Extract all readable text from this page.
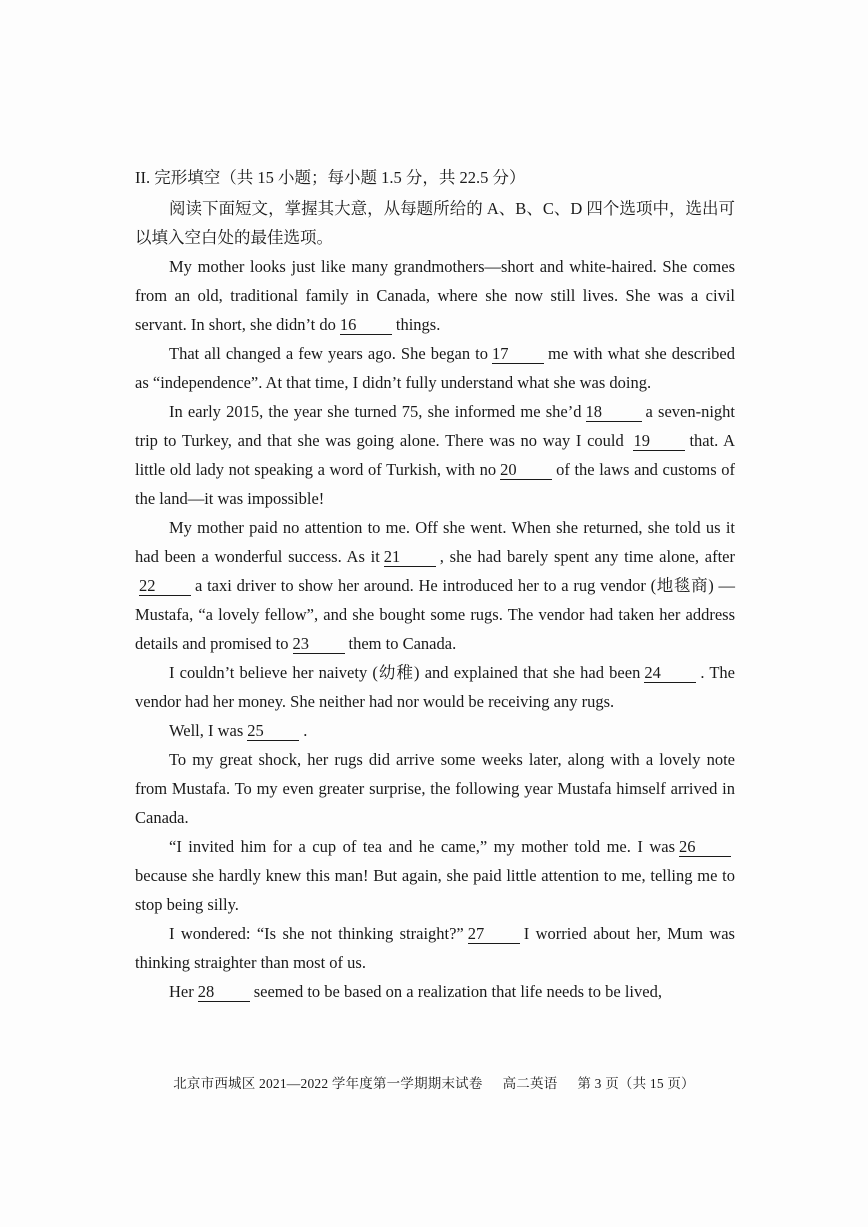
II. 完形填空（共 15 小题；每小题 1.5 分，共 22.5 分）

阅读下面短文，掌握其大意，从每题所给的 A、B、C、D 四个选项中，选出可以填入空白处的最佳选项。

My mother looks just like many grandmothers—short and white-haired. She comes from an old, traditional family in Canada, where she now still lives. She was a civil servant. In short, she didn’t do 16 things.

That all changed a few years ago. She began to 17 me with what she described as “independence”. At that time, I didn’t fully understand what she was doing.

In early 2015, the year she turned 75, she informed me she’d 18	a seven-night trip to Turkey, and that she was going alone. There was no way I could 19 that. A little old lady not speaking a word of Turkish, with no 20 of the laws and customs of the land—it was impossible!

My mother paid no attention to me. Off she went. When she returned, she told us it had been a wonderful success. As it 21 , she had barely spent any time alone, after22 a taxi driver to show her around. He introduced her to a rug vendor (地毯商) —Mustafa, “a lovely fellow”, and she bought some rugs. The vendor had taken her address details and promised to 23 them to Canada.

I couldn’t believe her naivety (幼稚) and explained that she had been 24 . The vendor had her money. She neither had nor would be receiving any rugs.

Well, I was 25 .

To my great shock, her rugs did arrive some weeks later, along with a lovely note from Mustafa. To my even greater surprise, the following year Mustafa himself arrived in Canada.

“I invited him for a cup of tea and he came,” my mother told me. I was 26because she hardly knew this man! But again, she paid little attention to me, telling me to stop being silly.

I wondered: “Is she not thinking straight?” 27 I worried about her, Mum was thinking straighter than most of us.

Her 28 seemed to be based on a realization that life needs to be lived,

北京市西城区 2021—2022 学年度第一学期期末试卷 高二英语 第 3 页（共 15 页）
